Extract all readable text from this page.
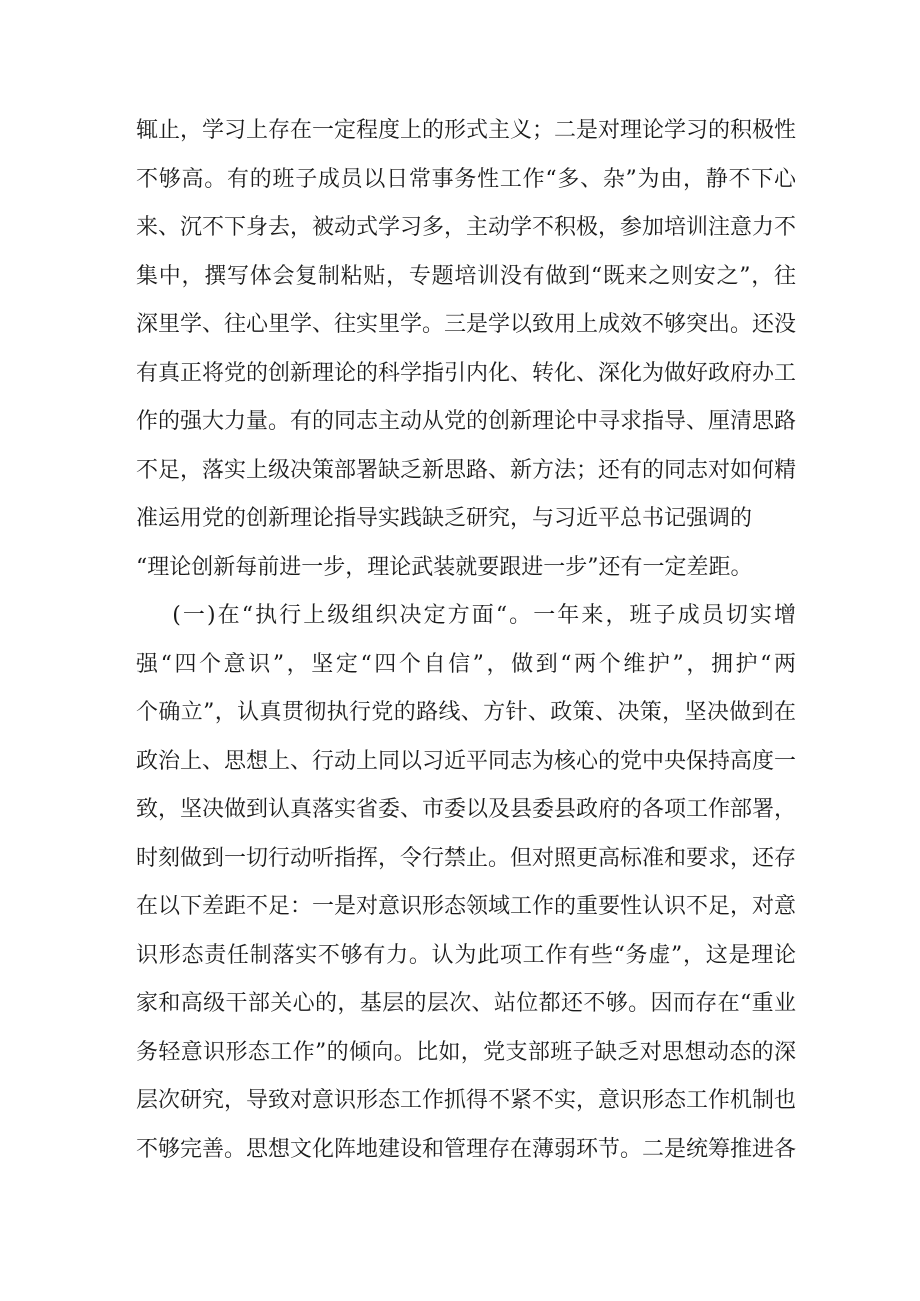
辄止，学习上存在一定程度上的形式主义；二是对理论学习的积极性
不够高。有的班子成员以日常事务性工作“多、杂”为由，静不下心
来、沉不下身去，被动式学习多，主动学不积极，参加培训注意力不
集中，撰写体会复制粘贴，专题培训没有做到“既来之则安之”，往
深里学、往心里学、往实里学。三是学以致用上成效不够突出。还没
有真正将党的创新理论的科学指引内化、转化、深化为做好政府办工
作的强大力量。有的同志主动从党的创新理论中寻求指导、厘清思路
不足，落实上级决策部署缺乏新思路、新方法；还有的同志对如何精
准运用党的创新理论指导实践缺乏研究，与习近平总书记强调的
“理论创新每前进一步，理论武装就要跟进一步”还有一定差距。
(一)在“执行上级组织决定方面“。一年来，班子成员切实增
强“四个意识”，坚定“四个自信”，做到“两个维护”，拥护“两
个确立”，认真贯彻执行党的路线、方针、政策、决策，坚决做到在
政治上、思想上、行动上同以习近平同志为核心的党中央保持高度一
致，坚决做到认真落实省委、市委以及县委县政府的各项工作部署，
时刻做到一切行动听指挥，令行禁止。但对照更高标准和要求，还存
在以下差距不足：一是对意识形态领域工作的重要性认识不足，对意
识形态责任制落实不够有力。认为此项工作有些“务虚”，这是理论
家和高级干部关心的，基层的层次、站位都还不够。因而存在“重业
务轻意识形态工作”的倾向。比如，党支部班子缺乏对思想动态的深
层次研究，导致对意识形态工作抓得不紧不实，意识形态工作机制也
不够完善。思想文化阵地建设和管理存在薄弱环节。二是统筹推进各
